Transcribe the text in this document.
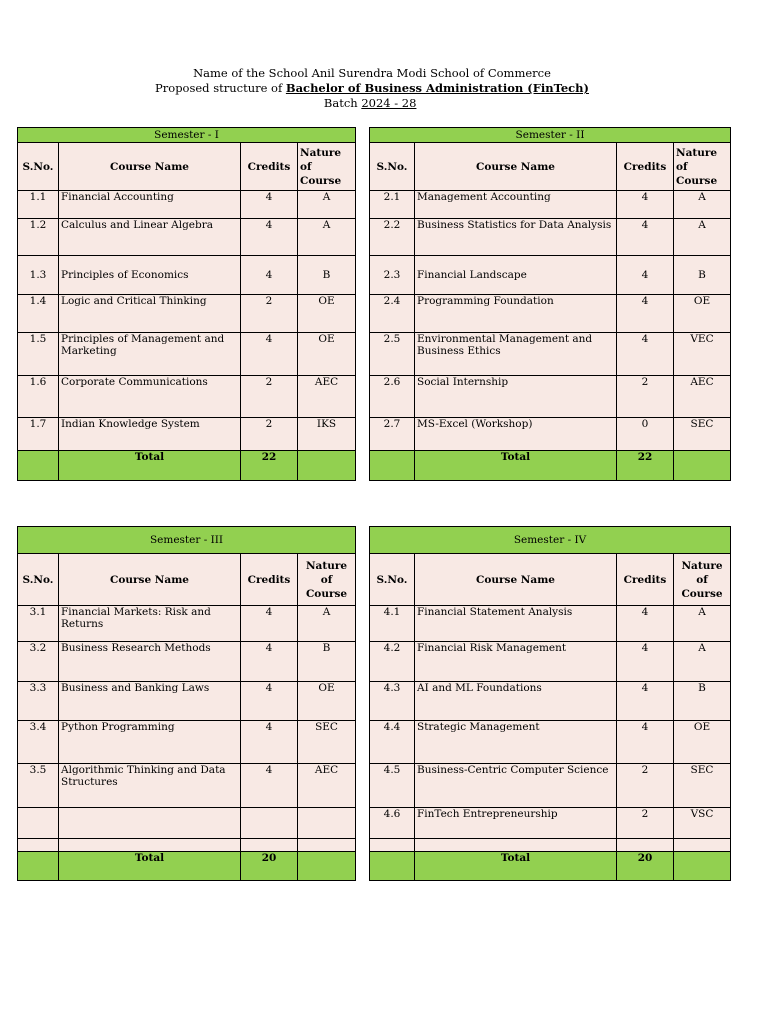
Name of the School Anil Surendra Modi School of Commerce
Proposed structure of Bachelor of Business Administration (FinTech)
Batch 2024 - 28
Semester - I			
S.No.	Course Name	Credits	Nature of Course
1.1	Financial Accounting	4	A
1.2	Calculus and Linear Algebra	4	A
1.3	Principles of Economics	4	B
1.4	Logic and Critical Thinking	2	OE
1.5	Principles of Management and Marketing	4	OE
1.6	Corporate Communications	2	AEC
1.7	Indian Knowledge System	2	IKS
	Total	22	
Semester - II			
S.No.	Course Name	Credits	Nature of Course
2.1	Management Accounting	4	A
2.2	Business Statistics for Data Analysis	4	A
2.3	Financial Landscape	4	B
2.4	Programming Foundation	4	OE
2.5	Environmental Management and Business Ethics	4	VEC
2.6	Social Internship	2	AEC
2.7	MS-Excel (Workshop)	0	SEC
	Total	22	
Semester - III			
S.No.	Course Name	Credits	Nature of Course
3.1	Financial Markets: Risk and Returns	4	A
3.2	Business Research Methods	4	B
3.3	Business and Banking Laws	4	OE
3.4	Python Programming	4	SEC
3.5	Algorithmic Thinking and Data Structures	4	AEC

	Total	20	
Semester - IV			
S.No.	Course Name	Credits	Nature of Course
4.1	Financial Statement Analysis	4	A
4.2	Financial Risk Management	4	A
4.3	AI and ML Foundations	4	B
4.4	Strategic Management	4	OE
4.5	Business-Centric Computer Science	2	SEC
4.6	FinTech Entrepreneurship	2	VSC

	Total	20	
